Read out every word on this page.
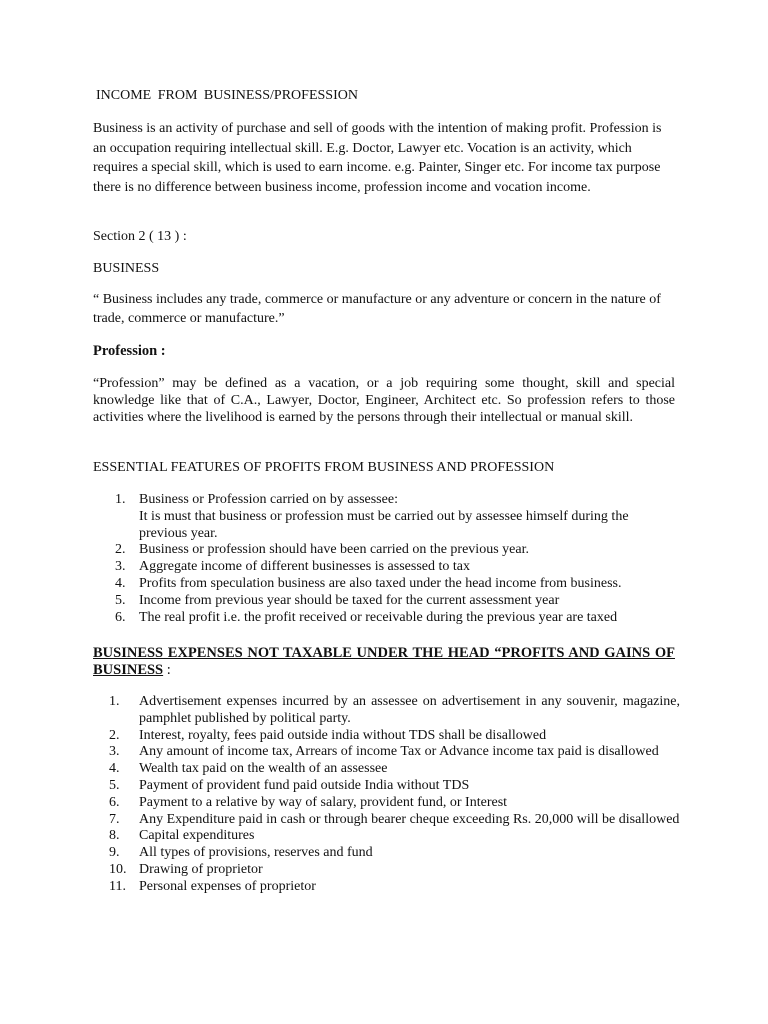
INCOME FROM BUSINESS/PROFESSION
Business is an activity of purchase and sell of goods with the intention of making profit. Profession is an occupation requiring intellectual skill. E.g. Doctor, Lawyer etc. Vocation is an activity, which requires a special skill, which is used to earn income. e.g. Painter, Singer etc. For income tax purpose there is no difference between business income, profession income and vocation income.
Section 2 ( 13 ) :
BUSINESS
“ Business includes any trade, commerce or manufacture or any adventure or concern in the nature of trade, commerce or manufacture.”
Profession :
“Profession” may be defined as a vacation, or a job requiring some thought, skill and special knowledge like that of C.A., Lawyer, Doctor, Engineer, Architect etc. So profession refers to those activities where the livelihood is earned by the persons through their intellectual or manual skill.
ESSENTIAL FEATURES OF PROFITS FROM BUSINESS AND PROFESSION
1. Business or Profession carried on by assessee:
It is must that business or profession must be carried out by assessee himself during the previous year.
2. Business or profession should have been carried on the previous year.
3. Aggregate income of different businesses is assessed to tax
4. Profits from speculation business are also taxed under the head income from business.
5. Income from previous year should be taxed for the current assessment year
6. The real profit i.e. the profit received or receivable during the previous year are taxed
BUSINESS EXPENSES NOT TAXABLE UNDER THE HEAD “PROFITS AND GAINS OF BUSINESS :
1. Advertisement expenses incurred by an assessee on advertisement in any souvenir, magazine, pamphlet published by political party.
2. Interest, royalty, fees paid outside india without TDS shall be disallowed
3. Any amount of income tax, Arrears of income Tax or Advance income tax paid is disallowed
4. Wealth tax paid on the wealth of an assessee
5. Payment of provident fund paid outside India without TDS
6. Payment to a relative by way of salary, provident fund, or Interest
7. Any Expenditure paid in cash or through bearer cheque exceeding Rs. 20,000 will be disallowed
8. Capital expenditures
9. All types of provisions, reserves and fund
10. Drawing of proprietor
11. Personal expenses of proprietor
